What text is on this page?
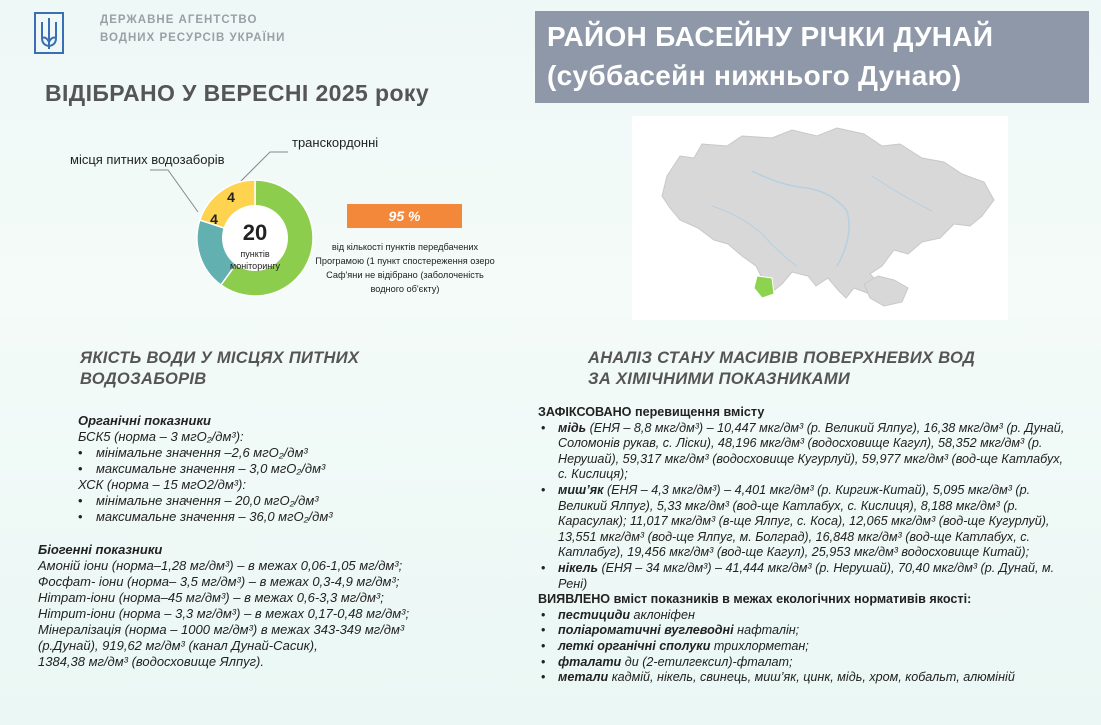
ДЕРЖАВНЕ АГЕНТСТВО
ВОДНИХ РЕСУРСІВ УКРАЇНИ	РАЙОН БАСЕЙНУ РІЧКИ ДУНАЙ
(суббасейн нижнього Дунаю)
ВІДІБРАНО У ВЕРЕСНІ 2025 року
місця питних водозаборів
транскордонні
20
пунктів
моніторингу
4
4
95 %
від кількості пунктів передбачених Програмою (1 пункт спостереження озеро Саф'яни не відібрано (заболоченість водного об'єкту)
ЯКІСТЬ ВОДИ У МІСЦЯХ ПИТНИХ
ВОДОЗАБОРІВ
АНАЛІЗ СТАНУ МАСИВІВ ПОВЕРХНЕВИХ ВОД
ЗА ХІМІЧНИМИ ПОКАЗНИКАМИ
Органічні показники
БСК5 (норма – 3 мгО₂/дм³):
• мінімальне значення –2,6 мгО₂/дм³
• максимальне значення – 3,0 мгО₂/дм³
ХСК (норма – 15 мгО2/дм³):
• мінімальне значення – 20,0 мгО₂/дм³
• максимальне значення – 36,0 мгО₂/дм³
Біогенні показники
Амоній іони (норма–1,28 мг/дм³) – в межах 0,06-1,05 мг/дм³;
Фосфат- іони (норма– 3,5 мг/дм³) – в межах 0,3-4,9 мг/дм³;
Нітрат-іони (норма–45 мг/дм³) – в межах 0,6-3,3 мг/дм³;
Нітрит-іони (норма – 3,3 мг/дм³) – в межах 0,17-0,48 мг/дм³;
Мінералізація (норма – 1000 мг/дм³) в межах 343-349 мг/дм³
(р.Дунай), 919,62 мг/дм³ (канал Дунай-Сасик),
1384,38 мг/дм³ (водосховище Ялпуг).
ЗАФІКСОВАНО перевищення вмісту
• мідь (ЕНЯ – 8,8 мкг/дм³) – 10,447 мкг/дм³ (р. Великий Ялпуг), 16,38 мкг/дм³ (р. Дунай, Соломонів рукав, с. Ліски), 48,196 мкг/дм³ (водосховище Кагул), 58,352 мкг/дм³ (р. Нерушай), 59,317 мкг/дм³ (водосховище Кугурлуй), 59,977 мкг/дм³ (вод-ще Катлабух, с. Кислиця);
• миш’як (ЕНЯ – 4,3 мкг/дм³) – 4,401 мкг/дм³ (р. Киргиж-Китай), 5,095 мкг/дм³ (р. Великий Ялпуг), 5,33 мкг/дм³ (вод-ще Катлабух, с. Кислиця), 8,188 мкг/дм³ (р. Карасулак); 11,017 мкг/дм³ (в-ще Ялпуг, с. Коса), 12,065 мкг/дм³ (вод-ще Кугурлуй), 13,551 мкг/дм³ (вод-ще Ялпуг, м. Болград), 16,848 мкг/дм³ (вод-ще Катлабух, с. Катлабуг), 19,456 мкг/дм³ (вод-ще Кагул), 25,953 мкг/дм³ водосховище Китай);
• нікель (ЕНЯ – 34 мкг/дм³) – 41,444 мкг/дм³ (р. Нерушай), 70,40 мкг/дм³ (р. Дунай, м. Рені)
ВИЯВЛЕНО вміст показників в межах екологічних нормативів якості:
• пестициди аклоніфен
• поліароматичні вуглеводні нафталін;
• леткі органічні сполуки трихлорметан;
• фталати ди (2-етилгексил)-фталат;
• метали кадмій, нікель, свинець, миш’як, цинк, мідь, хром, кобальт, алюміній
